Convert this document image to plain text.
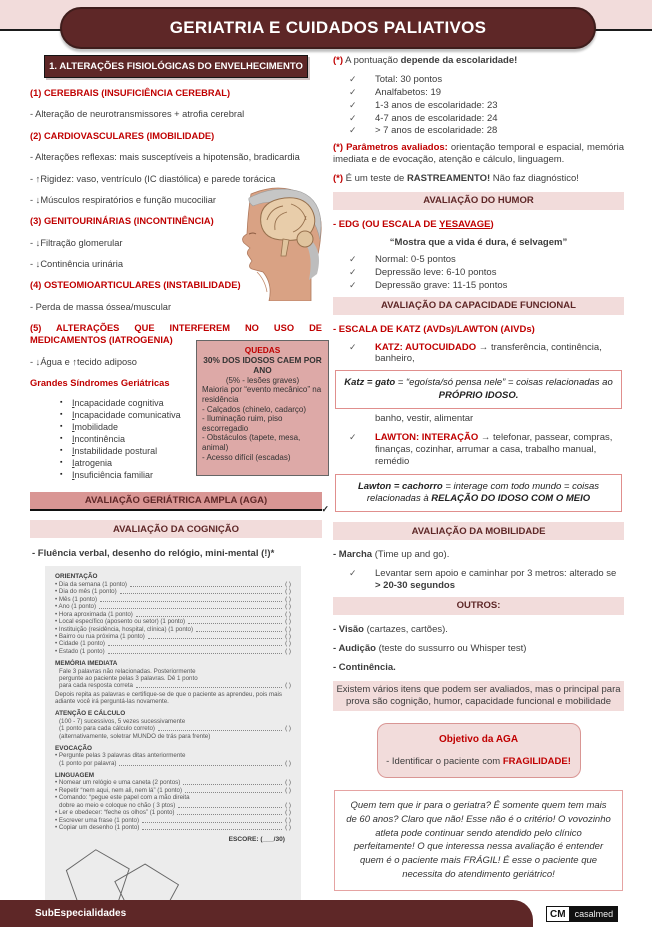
GERIATRIA E CUIDADOS PALIATIVOS
1. ALTERAÇÕES FISIOLÓGICAS DO ENVELHECIMENTO
(1) CEREBRAIS (INSUFICIÊNCIA CEREBRAL)
- Alteração de neurotransmissores + atrofia cerebral
(2) CARDIOVASCULARES (IMOBILIDADE)
- Alterações reflexas: mais susceptíveis a hipotensão, bradicardia
- ↑Rigidez: vaso, ventrículo (IC diastólica) e parede torácica
- ↓Músculos respiratórios e função mucociliar
(3) GENITOURINÁRIAS (INCONTINÊNCIA)
- ↓Filtração glomerular
- ↓Continência urinária
(4) OSTEOMIOARTICULARES (INSTABILIDADE)
- Perda de massa óssea/muscular
(5) ALTERAÇÕES QUE INTERFEREM NO USO DE MEDICAMENTOS (IATROGENIA)
- ↓Água e ↑tecido adiposo
Grandes Síndromes Geriátricas
▪	Incapacidade cognitiva
▪	Incapacidade comunicativa
▪	Imobilidade
▪	Incontinência
▪	Instabilidade postural
▪	Iatrogenia
▪	Insuficiência familiar
AVALIAÇÃO GERIÁTRICA AMPLA (AGA)
✓
AVALIAÇÃO DA COGNIÇÃO
- Fluência verbal, desenho do relógio, mini-mental (!)*
ORIENTAÇÃO
• Dia da semana (1 ponto)	( )
• Dia do mês (1 ponto)	( )
• Mês (1 ponto)	( )
• Ano (1 ponto)	( )
• Hora aproximada (1 ponto)	( )
• Local específico (aposento ou setor) (1 ponto)	( )
• Instituição (residência, hospital, clínica) (1 ponto)	( )
• Bairro ou rua próxima (1 ponto)	( )
• Cidade (1 ponto)	( )
• Estado (1 ponto)	( )
MEMÓRIA IMEDIATA
Fale 3 palavras não relacionadas. Posteriormente
pergunte ao paciente pelas 3 palavras. Dê 1 ponto
para cada resposta correta	( )
Depois repita as palavras e certifique-se de que o paciente as aprendeu, pois mais adiante você irá perguntá-las novamente.
ATENÇÃO E CÁLCULO
(100 - 7) sucessivos, 5 vezes sucessivamente
(1 ponto para cada cálculo correto)	( )
(alternativamente, soletrar MUNDO de trás para frente)
EVOCAÇÃO
• Pergunte pelas 3 palavras ditas anteriormente
(1 ponto por palavra)	( )
LINGUAGEM
• Nomear um relógio e uma caneta (2 pontos)	( )
• Repetir “nem aqui, nem ali, nem lá” (1 ponto)	( )
• Comando: “pegue este papel com a mão direita
dobre ao meio e coloque no chão ( 3 ptos)	( )
• Ler e obedecer: “feche os olhos” (1 ponto)	( )
• Escrever uma frase (1 ponto)	( )
• Copiar um desenho (1 ponto)	( )
ESCORE: (___/30)
QUEDAS
30% DOS IDOSOS CAEM POR ANO
(5% - lesões graves)
Maioria por “evento mecânico” na residência
- Calçados (chinelo, cadarço)
- Iluminação ruim, piso escorregadio
- Obstáculos (tapete, mesa, animal)
- Acesso difícil (escadas)
(*) A pontuação depende da escolaridade!
✓	Total: 30 pontos
✓	Analfabetos: 19
✓	1-3 anos de escolaridade: 23
✓	4-7 anos de escolaridade: 24
✓	> 7 anos de escolaridade: 28
(*) Parâmetros avaliados: orientação temporal e espacial, memória imediata e de evocação, atenção e cálculo, linguagem.
(*) É um teste de RASTREAMENTO! Não faz diagnóstico!
AVALIAÇÃO DO HUMOR
- EDG (OU ESCALA DE YESAVAGE)
“Mostra que a vida é dura, é selvagem”
✓	Normal: 0-5 pontos
✓	Depressão leve: 6-10 pontos
✓	Depressão grave: 11-15 pontos
AVALIAÇÃO DA CAPACIDADE FUNCIONAL
- ESCALA DE KATZ (AVDs)/LAWTON (AIVDs)
✓	KATZ: AUTOCUIDADO → transferência, continência, banheiro,
Katz = gato = “egoísta/só pensa nele” = coisas relacionadas ao PRÓPRIO IDOSO.
banho, vestir, alimentar
✓	LAWTON: INTERAÇÃO → telefonar, passear, compras, finanças, cozinhar, arrumar a casa, trabalho manual, remédio
Lawton = cachorro = interage com todo mundo = coisas relacionadas à RELAÇÃO DO IDOSO COM O MEIO
AVALIAÇÃO DA MOBILIDADE
- Marcha (Time up and go).
✓	Levantar sem apoio e caminhar por 3 metros: alterado se > 20-30 segundos
OUTROS:
- Visão (cartazes, cartões).
- Audição (teste do sussurro ou Whisper test)
- Continência.
Existem vários itens que podem ser avaliados, mas o principal para prova são cognição, humor, capacidade funcional e mobilidade
Objetivo da AGA
- Identificar o paciente com FRAGILIDADE!
Quem tem que ir para o geriatra? É somente quem tem mais de 60 anos? Claro que não! Esse não é o critério! O vovozinho atleta pode continuar sendo atendido pelo clínico perfeitamente! O que interessa nessa avaliação é entender quem é o paciente mais FRÁGIL! É esse o paciente que necessita do atendimento geriátrico!
SubEspecialidades	CM	casalmed
